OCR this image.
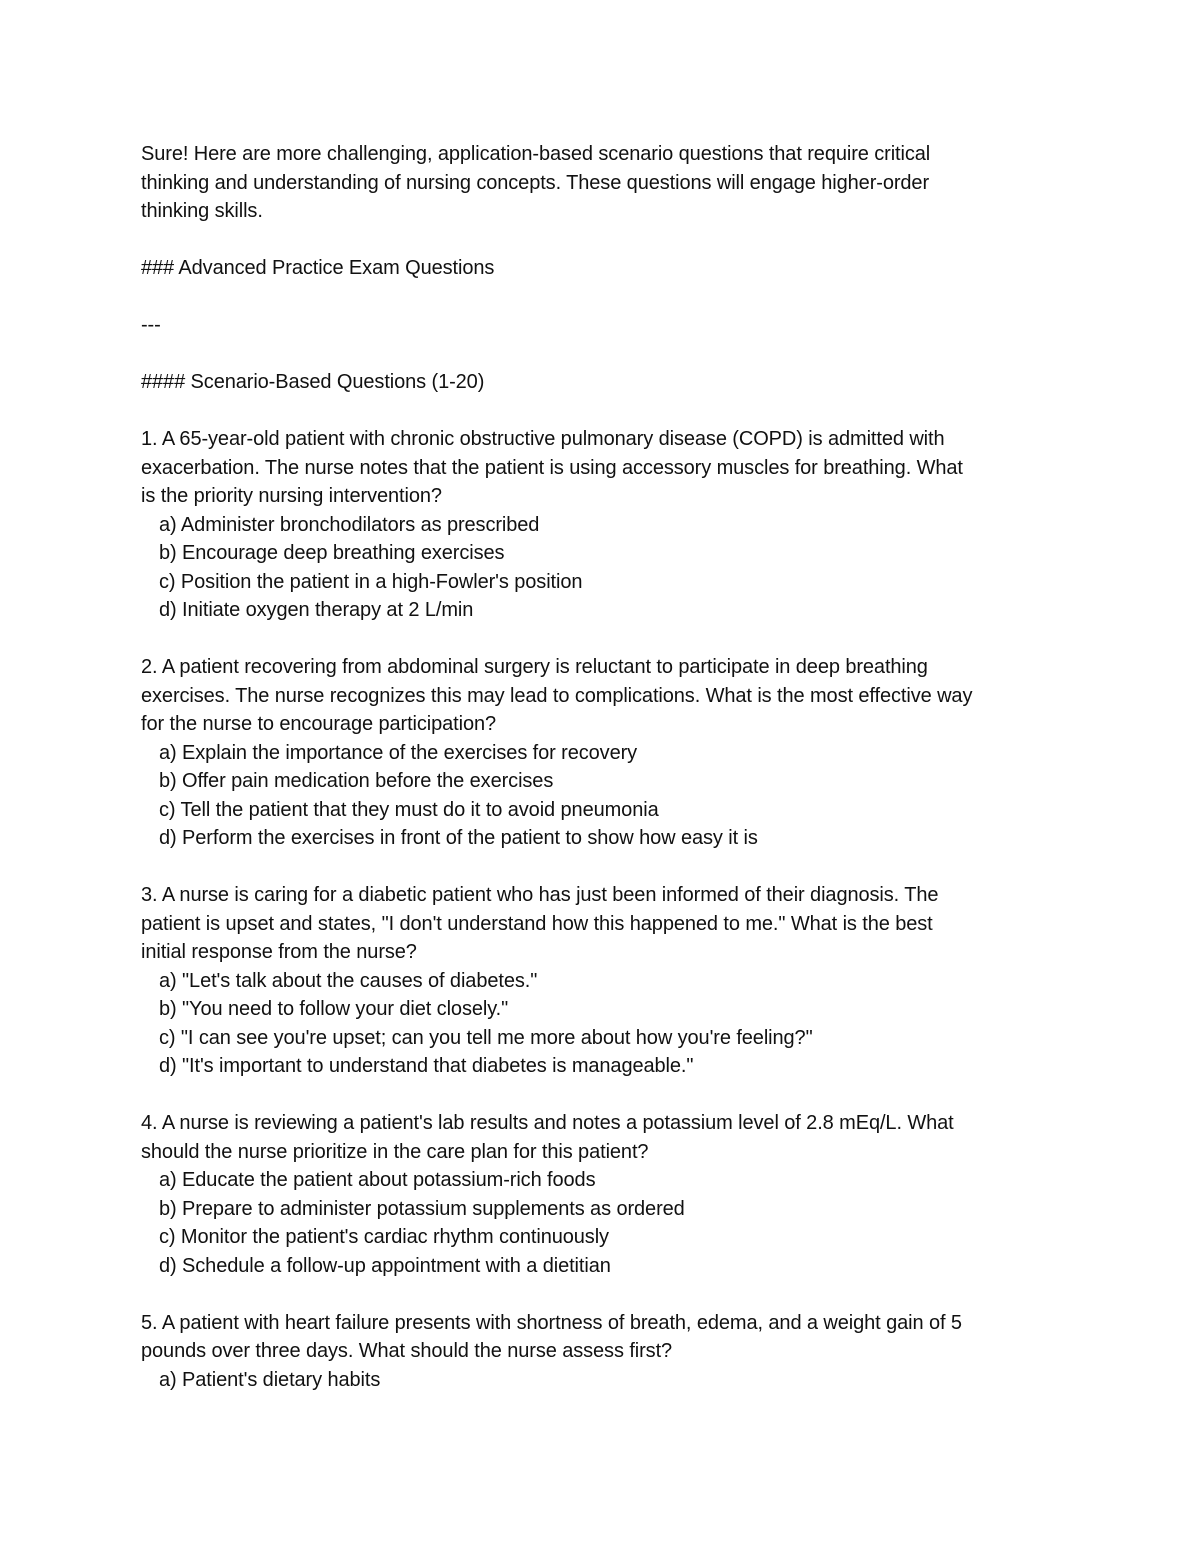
Sure! Here are more challenging, application-based scenario questions that require critical
thinking and understanding of nursing concepts. These questions will engage higher-order
thinking skills.
### Advanced Practice Exam Questions
---
#### Scenario-Based Questions (1-20)
1. A 65-year-old patient with chronic obstructive pulmonary disease (COPD) is admitted with
exacerbation. The nurse notes that the patient is using accessory muscles for breathing. What
is the priority nursing intervention?
a) Administer bronchodilators as prescribed
b) Encourage deep breathing exercises
c) Position the patient in a high-Fowler's position
d) Initiate oxygen therapy at 2 L/min
2. A patient recovering from abdominal surgery is reluctant to participate in deep breathing
exercises. The nurse recognizes this may lead to complications. What is the most effective way
for the nurse to encourage participation?
a) Explain the importance of the exercises for recovery
b) Offer pain medication before the exercises
c) Tell the patient that they must do it to avoid pneumonia
d) Perform the exercises in front of the patient to show how easy it is
3. A nurse is caring for a diabetic patient who has just been informed of their diagnosis. The
patient is upset and states, "I don't understand how this happened to me." What is the best
initial response from the nurse?
a) "Let's talk about the causes of diabetes."
b) "You need to follow your diet closely."
c) "I can see you're upset; can you tell me more about how you're feeling?"
d) "It's important to understand that diabetes is manageable."
4. A nurse is reviewing a patient's lab results and notes a potassium level of 2.8 mEq/L. What
should the nurse prioritize in the care plan for this patient?
a) Educate the patient about potassium-rich foods
b) Prepare to administer potassium supplements as ordered
c) Monitor the patient's cardiac rhythm continuously
d) Schedule a follow-up appointment with a dietitian
5. A patient with heart failure presents with shortness of breath, edema, and a weight gain of 5
pounds over three days. What should the nurse assess first?
a) Patient's dietary habits
